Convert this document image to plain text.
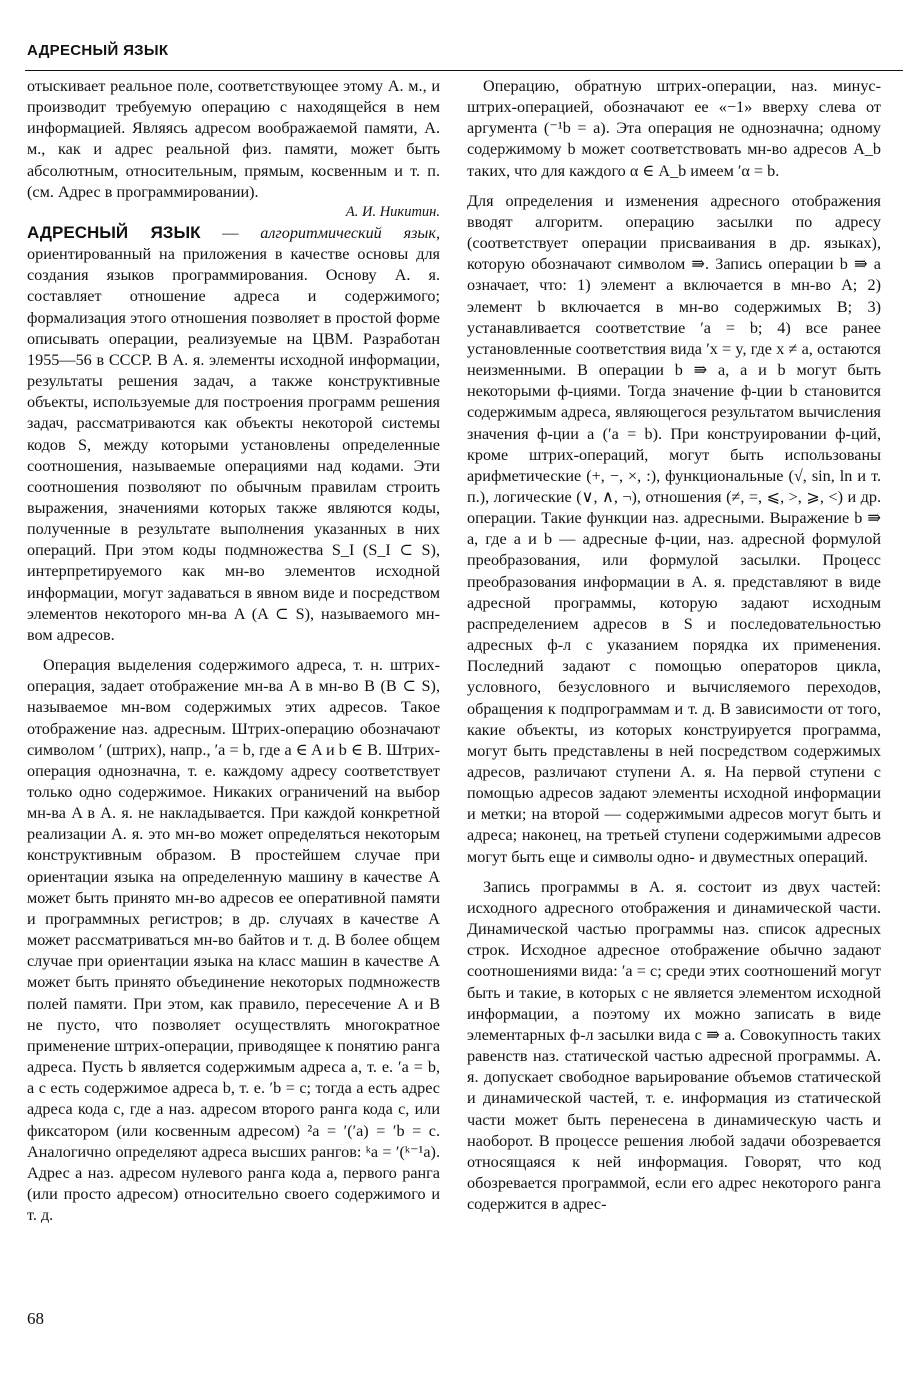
АДРЕСНЫЙ ЯЗЫК

отыскивает реальное поле, соответствующее этому А. м., и производит требуемую операцию с находящейся в нем информацией. Являясь адресом воображаемой памяти, А. м., как и адрес реальной физ. памяти, может быть абсолютным, относительным, прямым, косвенным и т. п. (см. Адрес в программировании).

А. И. Никитин.

АДРЕСНЫЙ ЯЗЫК — алгоритмический язык, ориентированный на приложения в качестве основы для создания языков программирования. Основу А. я. составляет отношение адреса и содержимого; формализация этого отношения позволяет в простой форме описывать операции, реализуемые на ЦВМ. Разработан 1955—56 в СССР. В А. я. элементы исходной информации, результаты решения задач, а также конструктивные объекты, используемые для построения программ решения задач, рассматриваются как объекты некоторой системы кодов S, между которыми установлены определенные соотношения, называемые операциями над кодами. Эти соотношения позволяют по обычным правилам строить выражения, значениями которых также являются коды, полученные в результате выполнения указанных в них операций. При этом коды подмножества S_I (S_I ⊂ S), интерпретируемого как мн-во элементов исходной информации, могут задаваться в явном виде и посредством элементов некоторого мн-ва A (A ⊂ S), называемого мн-вом адресов.

Операция выделения содержимого адреса, т. н. штрих-операция, задает отображение мн-ва A в мн-во B (B ⊂ S), называемое мн-вом содержимых этих адресов. Такое отображение наз. адресным. Штрих-операцию обозначают символом ′ (штрих), напр., ′a = b, где a ∈ A и b ∈ B. Штрих-операция однозначна, т. е. каждому адресу соответствует только одно содержимое. Никаких ограничений на выбор мн-ва A в А. я. не накладывается. При каждой конкретной реализации А. я. это мн-во может определяться некоторым конструктивным образом. В простейшем случае при ориентации языка на определенную машину в качестве A может быть принято мн-во адресов ее оперативной памяти и программных регистров; в др. случаях в качестве A может рассматриваться мн-во байтов и т. д. В более общем случае при ориентации языка на класс машин в качестве A может быть принято объединение некоторых подмножеств полей памяти. При этом, как правило, пересечение A и B не пусто, что позволяет осуществлять многократное применение штрих-операции, приводящее к понятию ранга адреса. Пусть b является содержимым адреса a, т. е. ′a = b, а c есть содержимое адреса b, т. е. ′b = c; тогда a есть адрес адреса кода c, где a наз. адресом второго ранга кода c, или фиксатором (или косвенным адресом) ²a = ′(′a) = ′b = c. Аналогично определяют адреса высших рангов: ᵏa = ′(ᵏ⁻¹a). Адрес a наз. адресом нулевого ранга кода a, первого ранга (или просто адресом) относительно своего содержимого и т. д.

Операцию, обратную штрих-операции, наз. минус-штрих-операцией, обозначают ее «−1» вверху слева от аргумента (⁻¹b = a). Эта операция не однозначна; одному содержимому b может соответствовать мн-во адресов A_b таких, что для каждого α ∈ A_b имеем ′α = b.

Для определения и изменения адресного отображения вводят алгоритм. операцию засылки по адресу (соответствует операции присваивания в др. языках), которую обозначают символом ⇛. Запись операции b ⇛ a означает, что: 1) элемент a включается в мн-во A; 2) элемент b включается в мн-во содержимых B; 3) устанавливается соответствие ′a = b; 4) все ранее установленные соответствия вида ′x = y, где x ≠ a, остаются неизменными. В операции b ⇛ a, a и b могут быть некоторыми ф-циями. Тогда значение ф-ции b становится содержимым адреса, являющегося результатом вычисления значения ф-ции a (′a = b). При конструировании ф-ций, кроме штрих-операций, могут быть использованы арифметические (+, −, ×, :), функциональные (√, sin, ln и т. п.), логические (∨, ∧, ¬), отношения (≠, =, ⩽, >, ⩾, <) и др. операции. Такие функции наз. адресными. Выражение b ⇛ a, где a и b — адресные ф-ции, наз. адресной формулой преобразования, или формулой засылки. Процесс преобразования информации в А. я. представляют в виде адресной программы, которую задают исходным распределением адресов в S и последовательностью адресных ф-л с указанием порядка их применения. Последний задают с помощью операторов цикла, условного, безусловного и вычисляемого переходов, обращения к подпрограммам и т. д. В зависимости от того, какие объекты, из которых конструируется программа, могут быть представлены в ней посредством содержимых адресов, различают ступени А. я. На первой ступени с помощью адресов задают элементы исходной информации и метки; на второй — содержимыми адресов могут быть и адреса; наконец, на третьей ступени содержимыми адресов могут быть еще и символы одно- и двуместных операций.

Запись программы в А. я. состоит из двух частей: исходного адресного отображения и динамической части. Динамической частью программы наз. список адресных строк. Исходное адресное отображение обычно задают соотношениями вида: ′a = c; среди этих соотношений могут быть и такие, в которых c не является элементом исходной информации, а поэтому их можно записать в виде элементарных ф-л засылки вида c ⇛ a. Совокупность таких равенств наз. статической частью адресной программы. А. я. допускает свободное варьирование объемов статической и динамической частей, т. е. информация из статической части может быть перенесена в динамическую часть и наоборот. В процессе решения любой задачи обозревается относящаяся к ней информация. Говорят, что код обозревается программой, если его адрес некоторого ранга содержится в адрес-

68
